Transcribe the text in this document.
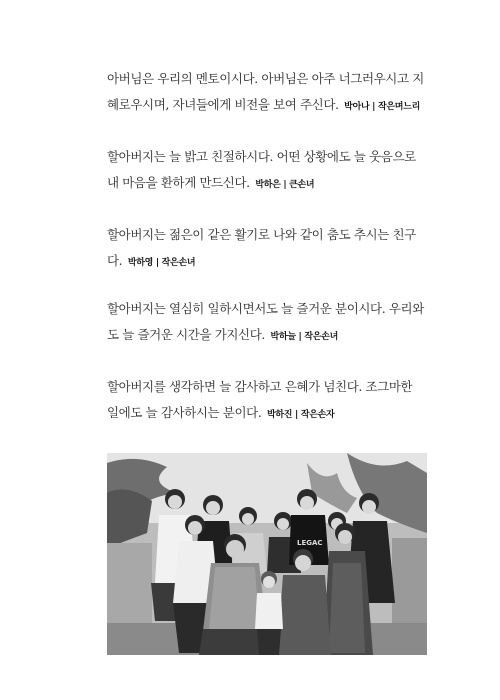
아버님은 우리의 멘토이시다. 아버님은 아주 너그러우시고 지혜로우시며, 자녀들에게 비전을 보여 주신다. 박아나 | 작은며느리

할아버지는 늘 밝고 친절하시다. 어떤 상황에도 늘 웃음으로 내 마음을 환하게 만드신다. 박하은 | 큰손녀

할아버지는 젊은이 같은 활기로 나와 같이 춤도 추시는 친구다. 박하영 | 작은손녀

할아버지는 열심히 일하시면서도 늘 즐거운 분이시다. 우리와도 늘 즐거운 시간을 가지신다. 박하늘 | 작은손녀

할아버지를 생각하면 늘 감사하고 은혜가 넘친다. 조그마한 일에도 늘 감사하시는 분이다. 박하진 | 작은손자

LEGAC
